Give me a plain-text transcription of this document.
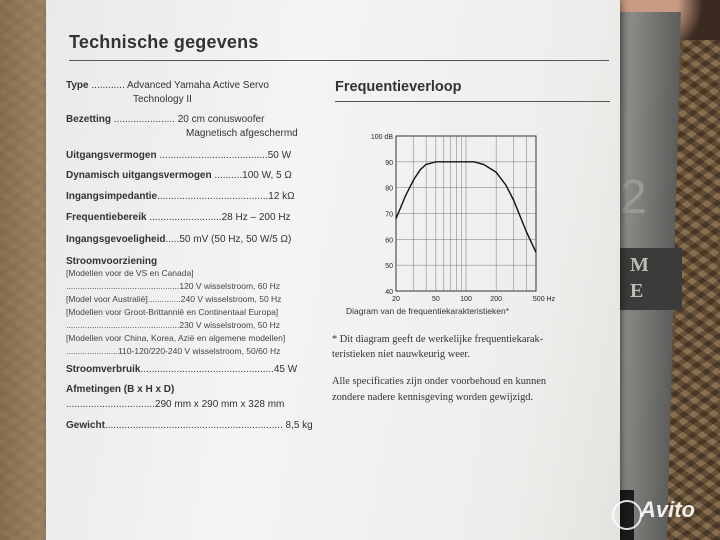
2
M
E
Technische gegevens
Type ............ Advanced Yamaha Active Servo
Technology II
Bezetting ...................... 20 cm conuswoofer
Magnetisch afgeschermd
Uitgangsvermogen .......................................50 W
Dynamisch uitgangsvermogen ..........100 W, 5 Ω
Ingangsimpedantie........................................12 kΩ
Frequentiebereik ..........................28 Hz – 200 Hz
Ingangsgevoeligheid.....50 mV (50 Hz, 50 W/5 Ω)
Stroomvoorziening
[Modellen voor de VS en Canada]
................................................120 V wisselstroom, 60 Hz
[Model voor Australië]..............240 V wisselstroom, 50 Hz
[Modellen voor Groot-Brittannië en Continentaal Europa]
................................................230 V wisselstroom, 50 Hz
[Modellen voor China, Korea, Azië en algemene modellen]
......................110-120/220-240 V wisselstroom, 50/60 Hz
Stroomverbruik................................................45 W
Afmetingen (B x H x D)
................................290 mm x 290 mm x 328 mm
Gewicht................................................................ 8,5 kg
Frequentieverloop
40
50
60
70
80
90
100 dB
20	50	100	200	500 Hz
Diagram van de frequentiekarakteristieken*
* Dit diagram geeft de werkelijke frequentiekarak-
teristieken niet nauwkeurig weer.
Alle specificaties zijn onder voorbehoud en kunnen
zondere nadere kennisgeving worden gewijzigd.
Avito
